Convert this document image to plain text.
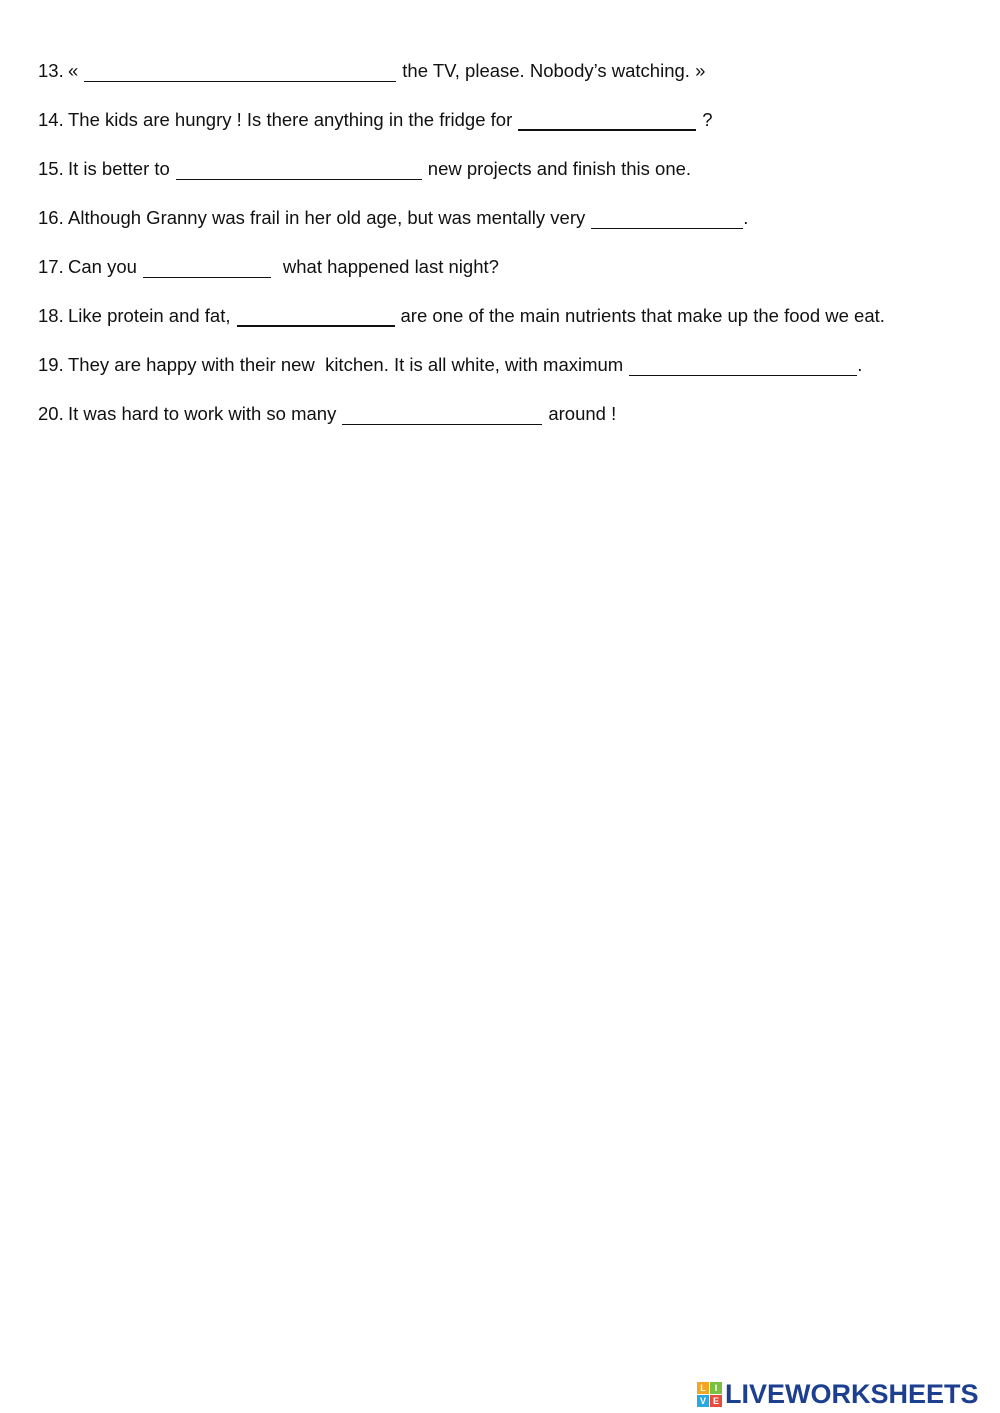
13. «	the TV, please. Nobody’s watching. »
14. The kids are hungry ! Is there anything in the fridge for	?
15. It is better to	new projects and finish this one.
16. Although Granny was frail in her old age, but was mentally very	.
17. Can you	what happened last night?
18. Like protein and fat,	are one of the main nutrients that make up the food we eat.
19. They are happy with their new  kitchen. It is all white, with maximum	.
20. It was hard to work with so many	around !
L I
V E LIVEWORKSHEETS
